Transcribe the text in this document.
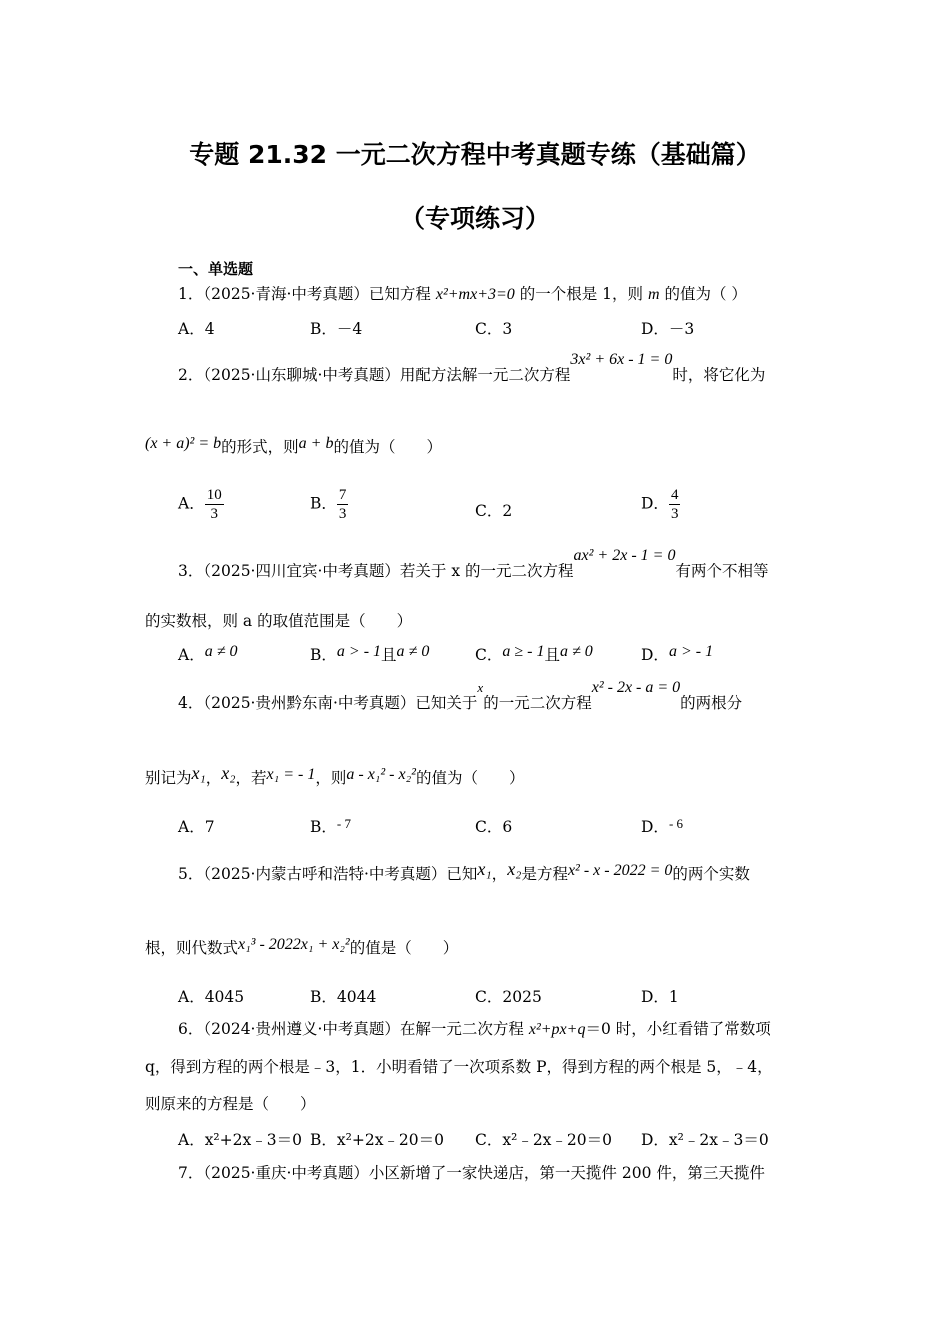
专题 21.32 一元二次方程中考真题专练（基础篇）
（专项练习）
一、单选题
1．（2025·青海·中考真题）已知方程 x²+mx+3=0 的一个根是 1，则 m 的值为（ ）
A．4	B．－4	C．3	D．－3
2．（2025·山东聊城·中考真题）用配方法解一元二次方程3x² + 6x - 1 = 0时，将它化为
(x + a)² = b的形式，则a + b的值为（　　）
A． $\frac{10}{3}$	B． $\frac{7}{3}$	C．2	D． $\frac{4}{3}$
3．（2025·四川宜宾·中考真题）若关于 x 的一元二次方程ax² + 2x - 1 = 0有两个不相等
的实数根，则 a 的取值范围是（　　）
A．a ≠ 0	B．a > - 1且a ≠ 0	C．a ≥ - 1且a ≠ 0	D．a > - 1
4．（2025·贵州黔东南·中考真题）已知关于$^x$的一元二次方程x² - 2x - a = 0的两根分
别记为x₁，x₂，若x₁ = - 1，则a - x₁² - x₂²的值为（　　）
A．7	B．$^{- 7}$	C．6	D．$^{- 6}$
5．（2025·内蒙古呼和浩特·中考真题）已知x₁，x₂是方程x² - x - 2022 = 0的两个实数
根，则代数式x₁³ - 2022x₁ + x₂²的值是（　　）
A．4045	B．4044	C．2025	D．1
6．（2024·贵州遵义·中考真题）在解一元二次方程 x²+px+q＝0 时，小红看错了常数项
q，得到方程的两个根是﹣3，1．小明看错了一次项系数 P，得到方程的两个根是 5，﹣4，
则原来的方程是（　　）
A．x²+2x﹣3＝0 B．x²+2x﹣20＝0 C．x²﹣2x﹣20＝0 D．x²﹣2x﹣3＝0
7．（2025·重庆·中考真题）小区新增了一家快递店，第一天揽件 200 件，第三天揽件
